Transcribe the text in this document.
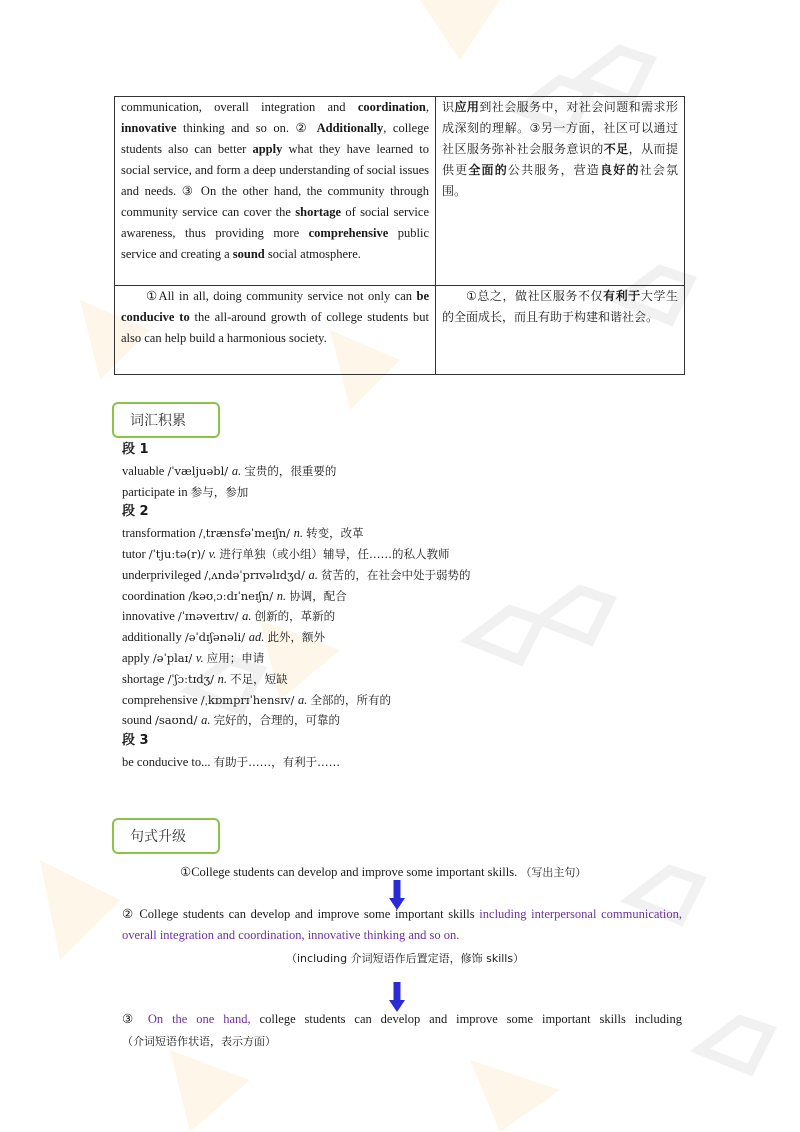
communication, overall integration and coordination, innovative thinking and so on. ② Additionally, college students also can better apply what they have learned to social service, and form a deep understanding of social issues and needs. ③ On the other hand, the community through community service can cover the shortage of social service awareness, thus providing more comprehensive public service and creating a sound social atmosphere.	识应用到社会服务中，对社会问题和需求形成深刻的理解。③另一方面，社区可以通过社区服务弥补社会服务意识的不足，从而提供更全面的公共服务，营造良好的社会氛围。
①All in all, doing community service not only can be conducive to the all-around growth of college students but also can help build a harmonious society.	①总之，做社区服务不仅有利于大学生的全面成长，而且有助于构建和谐社会。
词汇积累
段 1
valuable /ˈvæljuəbl/ a. 宝贵的，很重要的
participate in 参与，参加
段 2
transformation /ˌtrænsfəˈmeɪʃn/ n. 转变，改革
tutor /ˈtjuːtə(r)/ v. 进行单独（或小组）辅导，任……的私人教师
underprivileged /ˌʌndəˈprɪvəlɪdʒd/ a. 贫苦的，在社会中处于弱势的
coordination /kəʊˌɔːdɪˈneɪʃn/ n. 协调，配合
innovative /ˈɪnəveɪtɪv/ a. 创新的，革新的
additionally /əˈdɪʃənəli/ ad. 此外，额外
apply /əˈplaɪ/ v. 应用；申请
shortage /ˈʃɔːtɪdʒ/ n. 不足，短缺
comprehensive /ˌkɒmprɪˈhensɪv/ a. 全部的，所有的
sound /saʊnd/ a. 完好的，合理的，可靠的
段 3
be conducive to... 有助于……，有利于……
句式升级
①College students can develop and improve some important skills. （写出主句）
② College students can develop and improve some important skills including interpersonal communication, overall integration and coordination, innovative thinking and so on.
（including 介词短语作后置定语，修饰 skills）
③ On the one hand, college students can develop and improve some important skills including
（介词短语作状语，表示方面）
